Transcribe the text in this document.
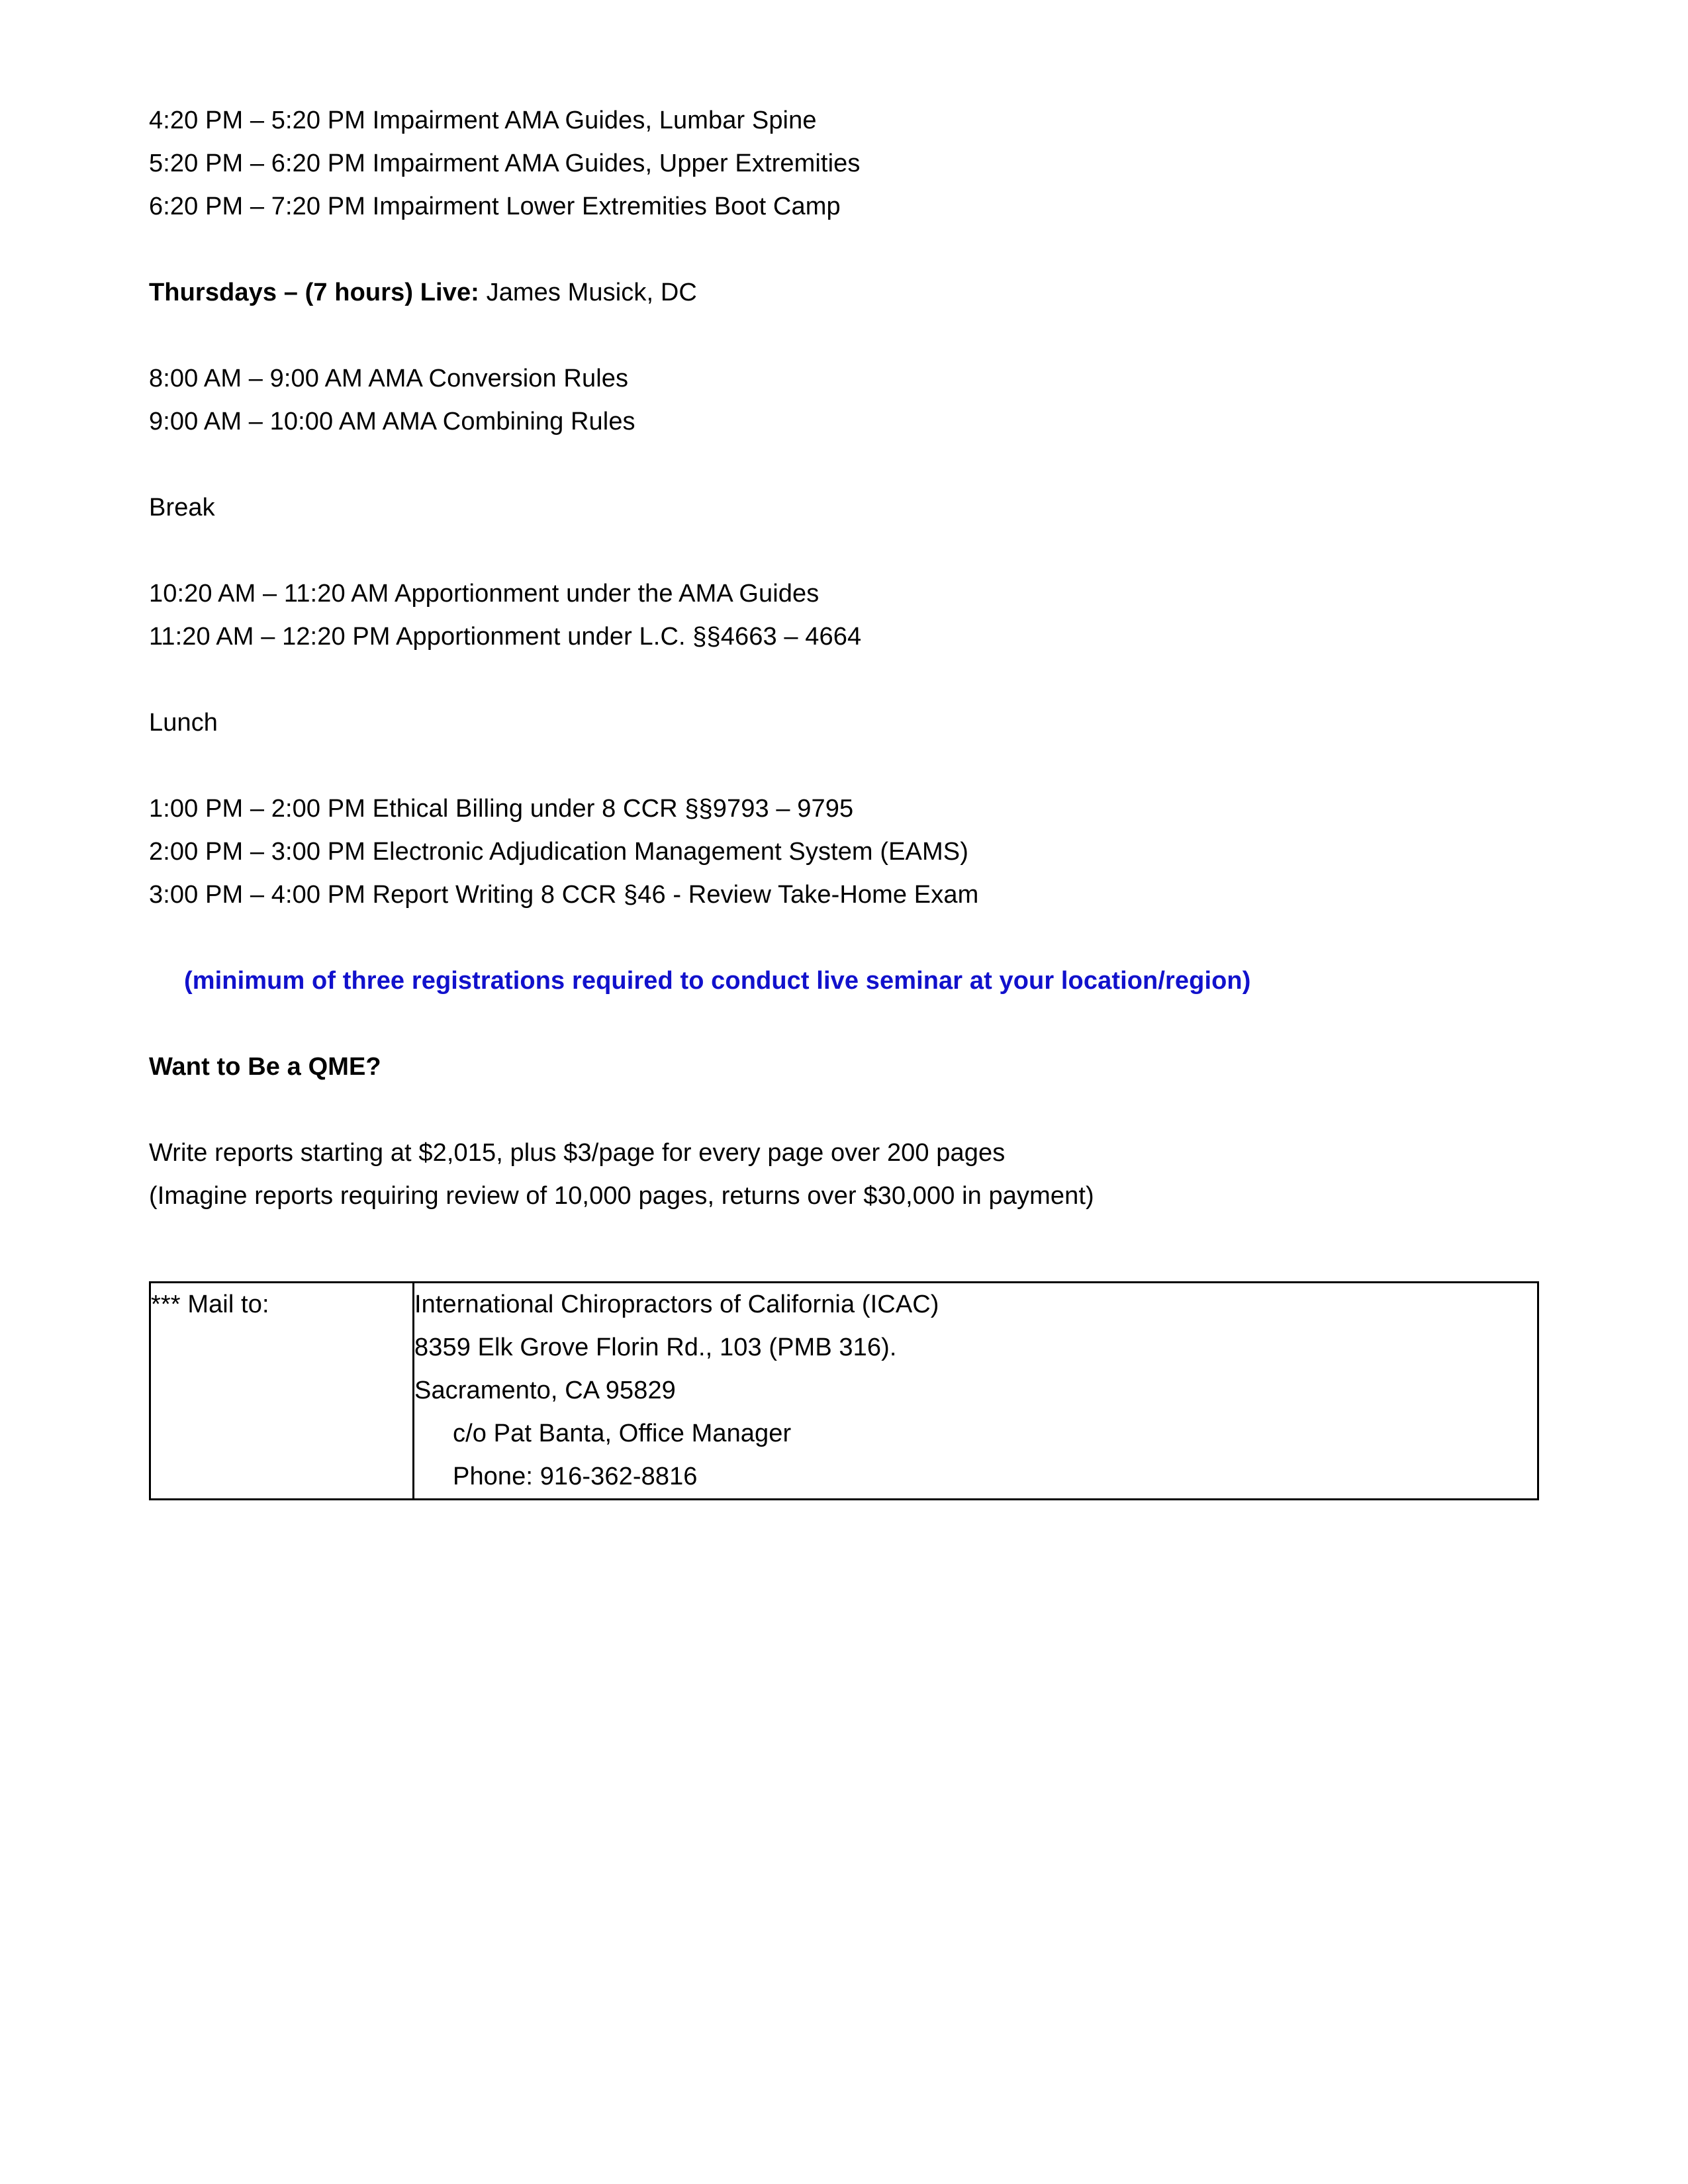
4:20 PM – 5:20 PM Impairment AMA Guides, Lumbar Spine
5:20 PM – 6:20 PM Impairment AMA Guides, Upper Extremities
6:20 PM – 7:20 PM Impairment Lower Extremities Boot Camp
Thursdays – (7 hours) Live: James Musick, DC
8:00 AM – 9:00 AM AMA Conversion Rules
9:00 AM – 10:00 AM AMA Combining Rules
Break
10:20 AM – 11:20 AM Apportionment under the AMA Guides
11:20 AM – 12:20 PM Apportionment under L.C. §§4663 – 4664
Lunch
1:00 PM – 2:00 PM Ethical Billing under 8 CCR §§9793 – 9795
2:00 PM – 3:00 PM Electronic Adjudication Management System (EAMS)
3:00 PM – 4:00 PM Report Writing 8 CCR §46 - Review Take-Home Exam
(minimum of three registrations required to conduct live seminar at your location/region)
Want to Be a QME?
Write reports starting at $2,015, plus $3/page for every page over 200 pages
(Imagine reports requiring review of 10,000 pages, returns over $30,000 in payment)
*** Mail to:	International Chiropractors of California (ICAC)
8359 Elk Grove Florin Rd., 103 (PMB 316).
Sacramento, CA 95829
c/o Pat Banta, Office Manager
Phone: 916-362-8816
